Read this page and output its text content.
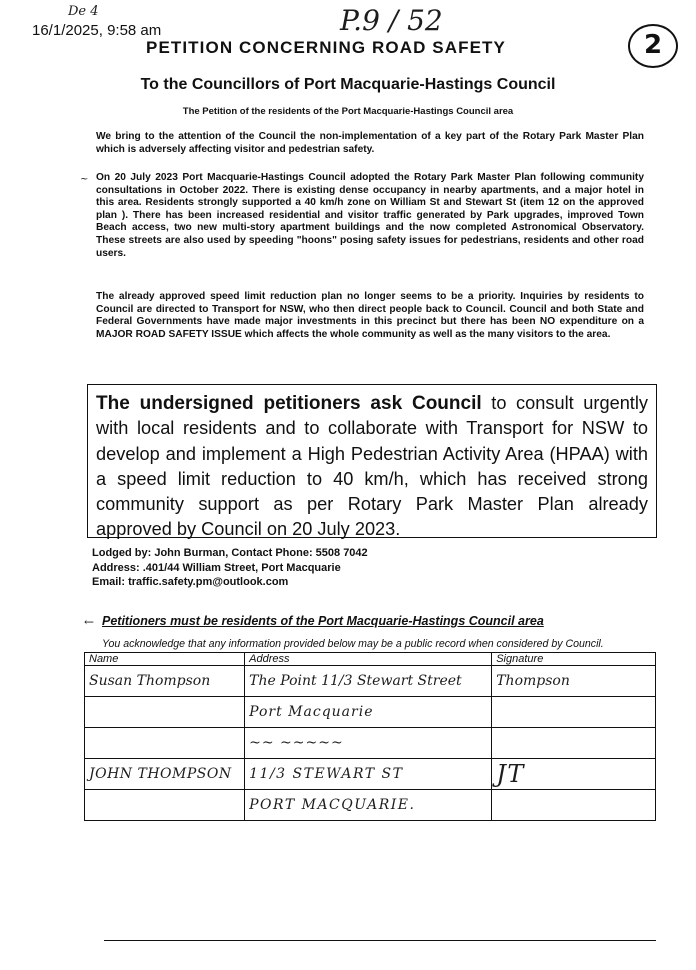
De 4
16/1/2025, 9:58 am	P.9 / 52
2
PETITION CONCERNING ROAD SAFETY
To the Councillors of Port Macquarie-Hastings Council
The Petition of the residents of the Port Macquarie-Hastings Council area
We bring to the attention of the Council the non-implementation of a key part of the Rotary Park Master Plan which is adversely affecting visitor and pedestrian safety.
~ On 20 July 2023 Port Macquarie-Hastings Council adopted the Rotary Park Master Plan following community consultations in October 2022. There is existing dense occupancy in nearby apartments, and a major hotel in this area. Residents strongly supported a 40 km/h zone on William St and Stewart St (item 12 on the approved plan ). There has been increased residential and visitor traffic generated by Park upgrades, improved Town Beach access, two new multi-story apartment buildings and the now completed Astronomical Observatory. These streets are also used by speeding "hoons" posing safety issues for pedestrians, residents and other road users.
The already approved speed limit reduction plan no longer seems to be a priority. Inquiries by residents to Council are directed to Transport for NSW, who then direct people back to Council. Council and both State and Federal Governments have made major investments in this precinct but there has been NO expenditure on a MAJOR ROAD SAFETY ISSUE which affects the whole community as well as the many visitors to the area.
The undersigned petitioners ask Council to consult urgently with local residents and to collaborate with Transport for NSW to develop and implement a High Pedestrian Activity Area (HPAA) with a speed limit reduction to 40 km/h, which has received strong community support as per Rotary Park Master Plan already approved by Council on 20 July 2023.
Lodged by: John Burman, Contact Phone: 5508 7042
Address: .401/44 William Street, Port Macquarie
Email: traffic.safety.pm@outlook.com
← Petitioners must be residents of the Port Macquarie-Hastings Council area
You acknowledge that any information provided below may be a public record when considered by Council.
Name	Address	Signature
Susan Thompson	The Point 11/3 Stewart Street	Thompson
	Port Macquarie	
	~~ ~~~~~	
JOHN THOMPSON	11/3 STEWART ST	JT
	PORT MACQUARIE.	
